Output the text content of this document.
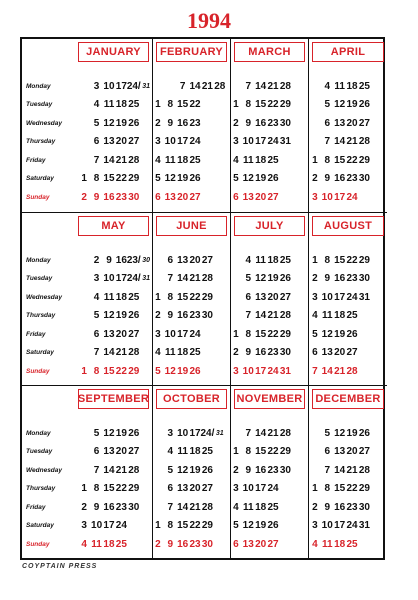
1994
JANUARY
Monday
Tuesday
Wednesday
Thursday
Friday
Saturday
Sunday
3 10 17 24/ 31
4 11 18 25
5 12 19 26
6 13 20 27
7 14 21 28
1 8 15 22 29
2 9 16 23 30
FEBRUARY
7 14 21 28
1 8 15 22
2 9 16 23
3 10 17 24
4 11 18 25
5 12 19 26
6 13 20 27
MARCH
7 14 21 28
1 8 15 22 29
2 9 16 23 30
3 10 17 24 31
4 11 18 25
5 12 19 26
6 13 20 27
APRIL
4 11 18 25
5 12 19 26
6 13 20 27
7 14 21 28
1 8 15 22 29
2 9 16 23 30
3 10 17 24
MAY
Monday
Tuesday
Wednesday
Thursday
Friday
Saturday
Sunday
2 9 16 23/ 30
3 10 17 24/ 31
4 11 18 25
5 12 19 26
6 13 20 27
7 14 21 28
1 8 15 22 29
JUNE
6 13 20 27
7 14 21 28
1 8 15 22 29
2 9 16 23 30
3 10 17 24
4 11 18 25
5 12 19 26
JULY
4 11 18 25
5 12 19 26
6 13 20 27
7 14 21 28
1 8 15 22 29
2 9 16 23 30
3 10 17 24 31
AUGUST
1 8 15 22 29
2 9 16 23 30
3 10 17 24 31
4 11 18 25
5 12 19 26
6 13 20 27
7 14 21 28
SEPTEMBER
Monday
Tuesday
Wednesday
Thursday
Friday
Saturday
Sunday
5 12 19 26
6 13 20 27
7 14 21 28
1 8 15 22 29
2 9 16 23 30
3 10 17 24
4 11 18 25
OCTOBER
3 10 17 24/ 31
4 11 18 25
5 12 19 26
6 13 20 27
7 14 21 28
1 8 15 22 29
2 9 16 23 30
NOVEMBER
7 14 21 28
1 8 15 22 29
2 9 16 23 30
3 10 17 24
4 11 18 25
5 12 19 26
6 13 20 27
DECEMBER
5 12 19 26
6 13 20 27
7 14 21 28
1 8 15 22 29
2 9 16 23 30
3 10 17 24 31
4 11 18 25
COYPTAIN PRESS
